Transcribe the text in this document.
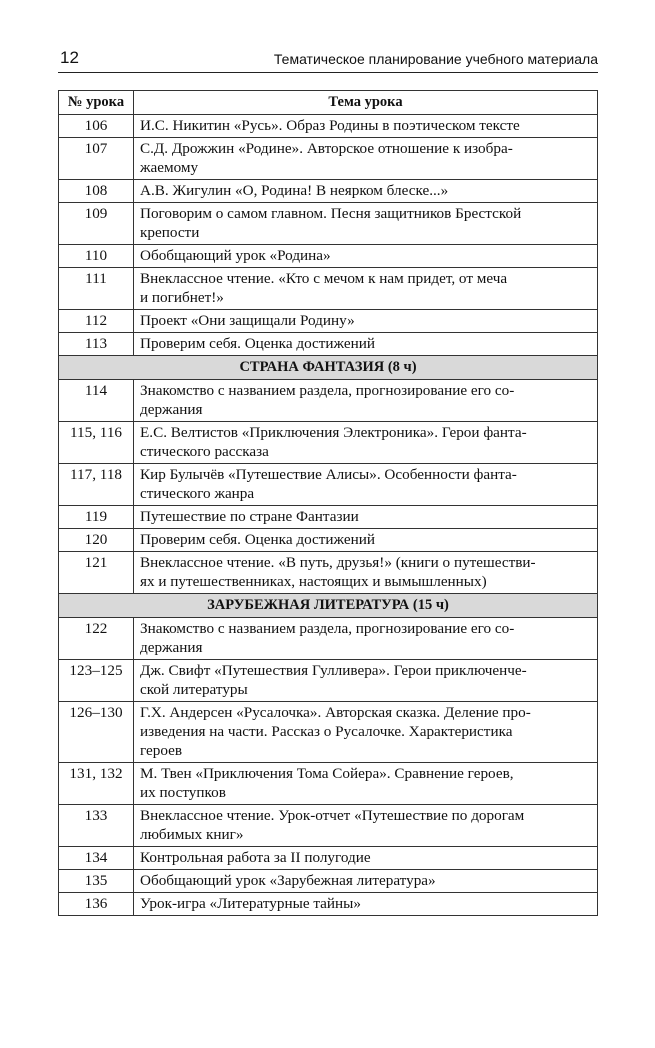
12	Тематическое планирование учебного материала
№ урока	Тема урока
106	И.С. Никитин «Русь». Образ Родины в поэтическом тексте
107	С.Д. Дрожжин «Родине». Авторское отношение к изобра-
жаемому
108	А.В. Жигулин «О, Родина! В неярком блеске...»
109	Поговорим о самом главном. Песня защитников Брестской
крепости
110	Обобщающий урок «Родина»
111	Внеклассное чтение. «Кто с мечом к нам придет, от меча
и погибнет!»
112	Проект «Они защищали Родину»
113	Проверим себя. Оценка достижений
СТРАНА ФАНТАЗИЯ (8 ч)	
114	Знакомство с названием раздела, прогнозирование его со-
держания
115, 116	Е.С. Велтистов «Приключения Электроника». Герои фанта-
стического рассказа
117, 118	Кир Булычёв «Путешествие Алисы». Особенности фанта-
стического жанра
119	Путешествие по стране Фантазии
120	Проверим себя. Оценка достижений
121	Внеклассное чтение. «В путь, друзья!» (книги о путешестви-
ях и путешественниках, настоящих и вымышленных)
ЗАРУБЕЖНАЯ ЛИТЕРАТУРА (15 ч)	
122	Знакомство с названием раздела, прогнозирование его со-
держания
123–125	Дж. Свифт «Путешествия Гулливера». Герои приключенче-
ской литературы
126–130	Г.Х. Андерсен «Русалочка». Авторская сказка. Деление про-
изведения на части. Рассказ о Русалочке. Характеристика
героев
131, 132	М. Твен «Приключения Тома Сойера». Сравнение героев,
их поступков
133	Внеклассное чтение. Урок-отчет «Путешествие по дорогам
любимых книг»
134	Контрольная работа за II полугодие
135	Обобщающий урок «Зарубежная литература»
136	Урок-игра «Литературные тайны»
